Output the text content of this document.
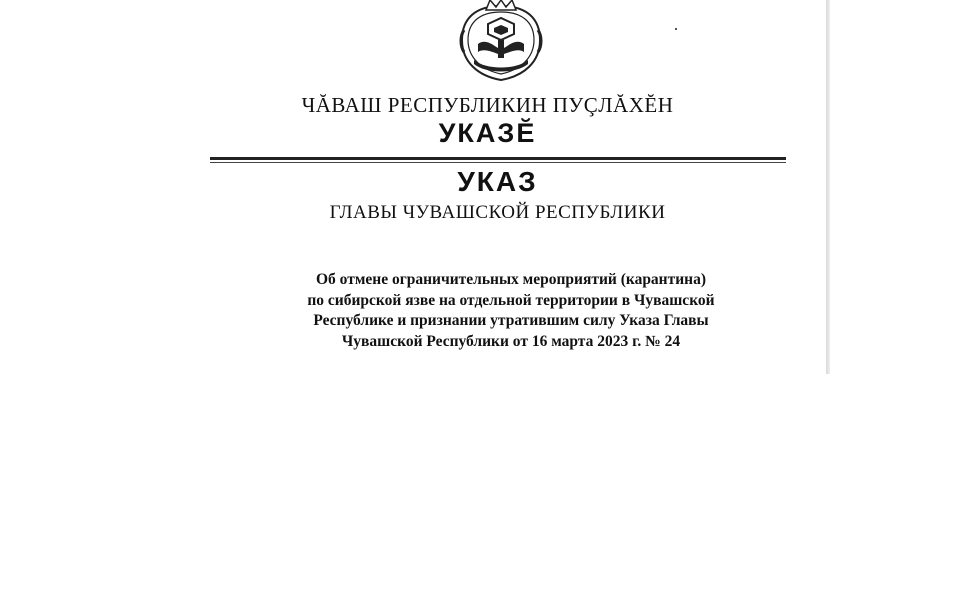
ЧĂВАШ РЕСПУБЛИКИН ПУÇЛĂХĔН
УКАЗĔ
УКАЗ
ГЛАВЫ ЧУВАШСКОЙ РЕСПУБЛИКИ
Об отмене ограничительных мероприятий (карантина)
по сибирской язве на отдельной территории в Чувашской
Республике и признании утратившим силу Указа Главы
Чувашской Республики от 16 марта 2023 г. № 24
